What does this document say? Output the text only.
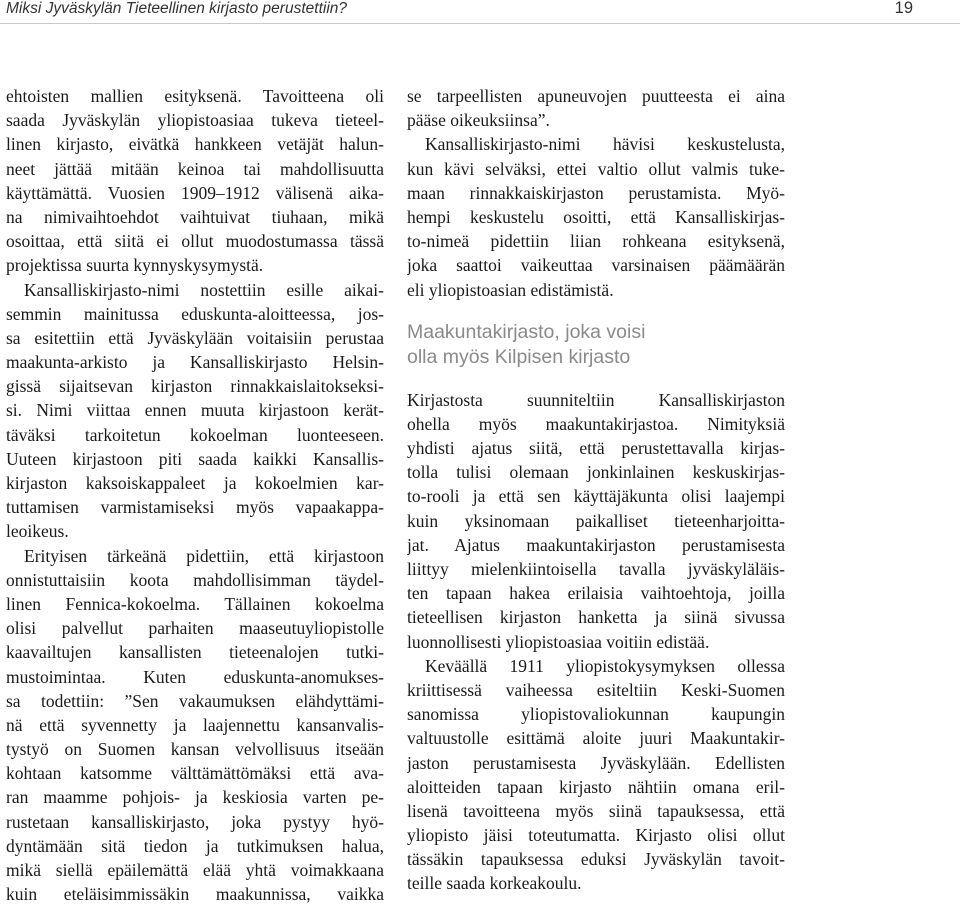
Miksi Jyväskylän Tieteellinen kirjasto perustettiin?	19
ehtoisten mallien esityksenä. Tavoitteena oli
saada Jyväskylän yliopistoasiaa tukeva tieteel-
linen kirjasto, eivätkä hankkeen vetäjät halun-
neet jättää mitään keinoa tai mahdollisuutta
käyttämättä. Vuosien 1909–1912 välisenä aika-
na nimivaihtoehdot vaihtuivat tiuhaan, mikä
osoittaa, että siitä ei ollut muodostumassa tässä
projektissa suurta kynnyskysymystä.
Kansalliskirjasto-nimi nostettiin esille aikai-
semmin mainitussa eduskunta-aloitteessa, jos-
sa esitettiin että Jyväskylään voitaisiin perustaa
maakunta-arkisto ja Kansalliskirjasto Helsin-
gissä sijaitsevan kirjaston rinnakkaislaitokseksi-
si. Nimi viittaa ennen muuta kirjastoon kerät-
täväksi tarkoitetun kokoelman luonteeseen.
Uuteen kirjastoon piti saada kaikki Kansallis-
kirjaston kaksoiskappaleet ja kokoelmien kar-
tuttamisen varmistamiseksi myös vapaakappa-
leoikeus.
Erityisen tärkeänä pidettiin, että kirjastoon
onnistuttaisiin koota mahdollisimman täydel-
linen Fennica-kokoelma. Tällainen kokoelma
olisi palvellut parhaiten maaseutuyliopistolle
kaavailtujen kansallisten tieteenalojen tutki-
mustoimintaa. Kuten eduskunta-anomukses-
sa todettiin: ”Sen vakaumuksen elähdyttämi-
nä että syvennetty ja laajennettu kansanvalis-
tystyö on Suomen kansan velvollisuus itseään
kohtaan katsomme välttämättömäksi että ava-
ran maamme pohjois- ja keskiosia varten pe-
rustetaan kansalliskirjasto, joka pystyy hyö-
dyntämään sitä tiedon ja tutkimuksen halua,
mikä siellä epäilemättä elää yhtä voimakkaana
kuin eteläisimmissäkin maakunnissa, vaikka
se tarpeellisten apuneuvojen puutteesta ei aina
pääse oikeuksiinsa”.
Kansalliskirjasto-nimi hävisi keskustelusta,
kun kävi selväksi, ettei valtio ollut valmis tuke-
maan rinnakkaiskirjaston perustamista. Myö-
hempi keskustelu osoitti, että Kansalliskirjas-
to-nimeä pidettiin liian rohkeana esityksenä,
joka saattoi vaikeuttaa varsinaisen päämäärän
eli yliopistoasian edistämistä.
Maakuntakirjasto, joka voisi
olla myös Kilpisen kirjasto
Kirjastosta suunniteltiin Kansalliskirjaston
ohella myös maakuntakirjastoa. Nimityksiä
yhdisti ajatus siitä, että perustettavalla kirjas-
tolla tulisi olemaan jonkinlainen keskuskirjas-
to-rooli ja että sen käyttäjäkunta olisi laajempi
kuin yksinomaan paikalliset tieteenharjoitta-
jat. Ajatus maakuntakirjaston perustamisesta
liittyy mielenkiintoisella tavalla jyväskyläläis-
ten tapaan hakea erilaisia vaihtoehtoja, joilla
tieteellisen kirjaston hanketta ja siinä sivussa
luonnollisesti yliopistoasiaa voitiin edistää.
Keväällä 1911 yliopistokysymyksen ollessa
kriittisessä vaiheessa esiteltiin Keski-Suomen
sanomissa yliopistovaliokunnan kaupungin
valtuustolle esittämä aloite juuri Maakuntakir-
jaston perustamisesta Jyväskylään. Edellisten
aloitteiden tapaan kirjasto nähtiin omana eril-
lisenä tavoitteena myös siinä tapauksessa, että
yliopisto jäisi toteutumatta. Kirjasto olisi ollut
tässäkin tapauksessa eduksi Jyväskylän tavoit-
teille saada korkeakoulu.
